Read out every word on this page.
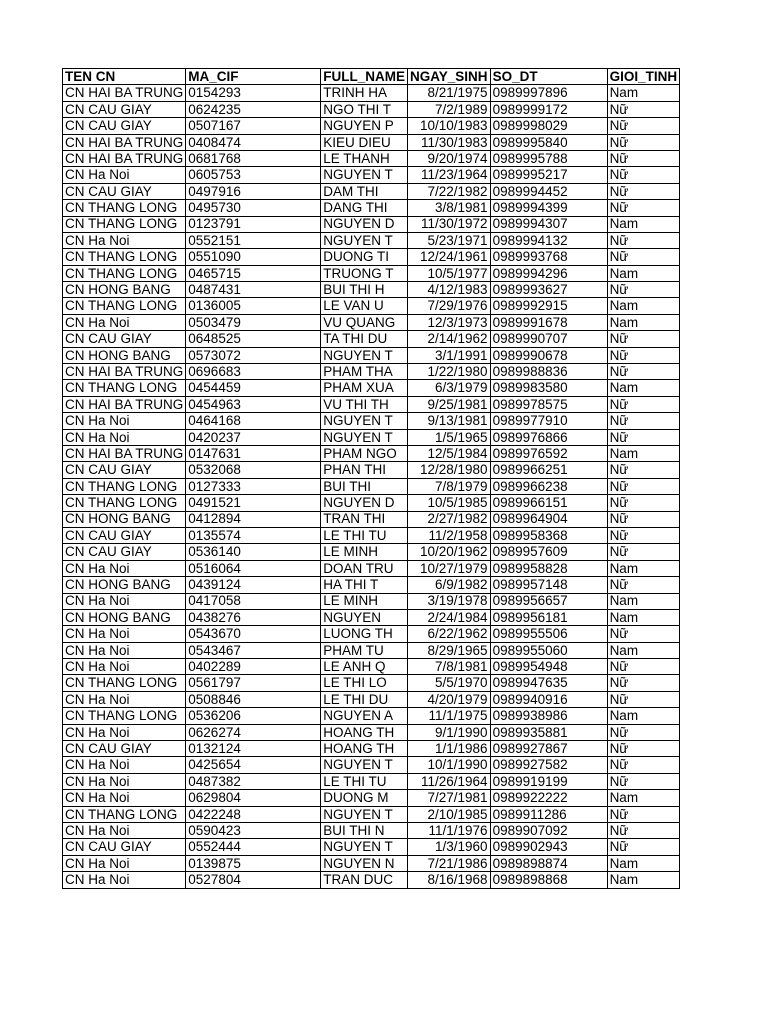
TEN CN	MA_CIF	FULL_NAME	NGAY_SINH	SO_DT	GIOI_TINH
CN HAI BA TRUNG	0154293	TRINH HA	8/21/1975	0989997896	Nam
CN CAU GIAY	0624235	NGO THI T	7/2/1989	0989999172	Nữ
CN CAU GIAY	0507167	NGUYEN P	10/10/1983	0989998029	Nữ
CN HAI BA TRUNG	0408474	KIEU DIEU	11/30/1983	0989995840	Nữ
CN HAI BA TRUNG	0681768	LE THANH	9/20/1974	0989995788	Nữ
CN Ha Noi	0605753	NGUYEN T	11/23/1964	0989995217	Nữ
CN CAU GIAY	0497916	DAM THI	7/22/1982	0989994452	Nữ
CN THANG LONG	0495730	DANG THI	3/8/1981	0989994399	Nữ
CN THANG LONG	0123791	NGUYEN D	11/30/1972	0989994307	Nam
CN Ha Noi	0552151	NGUYEN T	5/23/1971	0989994132	Nữ
CN THANG LONG	0551090	DUONG TI	12/24/1961	0989993768	Nữ
CN THANG LONG	0465715	TRUONG T	10/5/1977	0989994296	Nam
CN HONG BANG	0487431	BUI THI H	4/12/1983	0989993627	Nữ
CN THANG LONG	0136005	LE VAN U	7/29/1976	0989992915	Nam
CN Ha Noi	0503479	VU QUANG	12/3/1973	0989991678	Nam
CN CAU GIAY	0648525	TA THI DU	2/14/1962	0989990707	Nữ
CN HONG BANG	0573072	NGUYEN T	3/1/1991	0989990678	Nữ
CN HAI BA TRUNG	0696683	PHAM THA	1/22/1980	0989988836	Nữ
CN THANG LONG	0454459	PHAM XUA	6/3/1979	0989983580	Nam
CN HAI BA TRUNG	0454963	VU THI TH	9/25/1981	0989978575	Nữ
CN Ha Noi	0464168	NGUYEN T	9/13/1981	0989977910	Nữ
CN Ha Noi	0420237	NGUYEN T	1/5/1965	0989976866	Nữ
CN HAI BA TRUNG	0147631	PHAM NGO	12/5/1984	0989976592	Nam
CN CAU GIAY	0532068	PHAN THI	12/28/1980	0989966251	Nữ
CN THANG LONG	0127333	BUI THI	7/8/1979	0989966238	Nữ
CN THANG LONG	0491521	NGUYEN D	10/5/1985	0989966151	Nữ
CN HONG BANG	0412894	TRAN THI	2/27/1982	0989964904	Nữ
CN CAU GIAY	0135574	LE THI TU	11/2/1958	0989958368	Nữ
CN CAU GIAY	0536140	LE MINH	10/20/1962	0989957609	Nữ
CN Ha Noi	0516064	DOAN TRU	10/27/1979	0989958828	Nam
CN HONG BANG	0439124	HA THI T	6/9/1982	0989957148	Nữ
CN Ha Noi	0417058	LE MINH	3/19/1978	0989956657	Nam
CN HONG BANG	0438276	NGUYEN	2/24/1984	0989956181	Nam
CN Ha Noi	0543670	LUONG TH	6/22/1962	0989955506	Nữ
CN Ha Noi	0543467	PHAM TU	8/29/1965	0989955060	Nam
CN Ha Noi	0402289	LE ANH Q	7/8/1981	0989954948	Nữ
CN THANG LONG	0561797	LE THI LO	5/5/1970	0989947635	Nữ
CN Ha Noi	0508846	LE THI DU	4/20/1979	0989940916	Nữ
CN THANG LONG	0536206	NGUYEN A	11/1/1975	0989938986	Nam
CN Ha Noi	0626274	HOANG TH	9/1/1990	0989935881	Nữ
CN CAU GIAY	0132124	HOANG TH	1/1/1986	0989927867	Nữ
CN Ha Noi	0425654	NGUYEN T	10/1/1990	0989927582	Nữ
CN Ha Noi	0487382	LE THI TU	11/26/1964	0989919199	Nữ
CN Ha Noi	0629804	DUONG M	7/27/1981	0989922222	Nam
CN THANG LONG	0422248	NGUYEN T	2/10/1985	0989911286	Nữ
CN Ha Noi	0590423	BUI THI N	11/1/1976	0989907092	Nữ
CN CAU GIAY	0552444	NGUYEN T	1/3/1960	0989902943	Nữ
CN Ha Noi	0139875	NGUYEN N	7/21/1986	0989898874	Nam
CN Ha Noi	0527804	TRAN DUC	8/16/1968	0989898868	Nam
